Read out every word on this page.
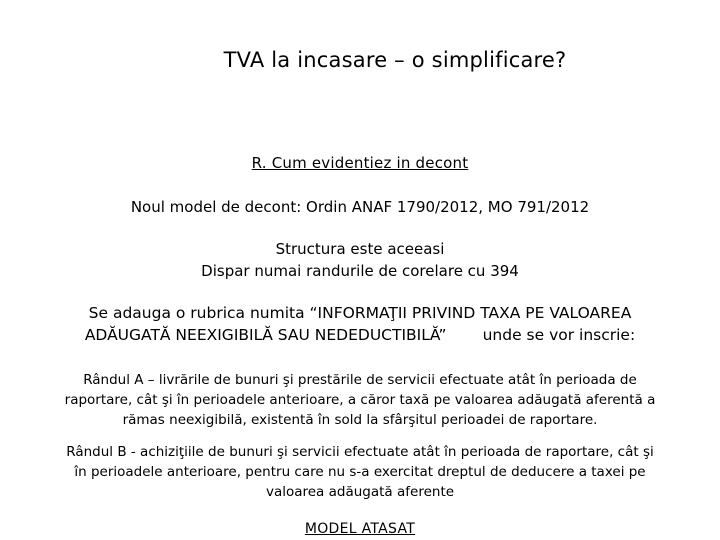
TVA la incasare – o simplificare?
R. Cum evidentiez in decont
Noul model de decont: Ordin ANAF 1790/2012, MO 791/2012
Structura este aceeasi
Dispar numai randurile de corelare cu 394
Se adauga o rubrica numita “INFORMAŢII PRIVIND TAXA PE VALOAREA
ADĂUGATĂ NEEXIGIBILĂ SAU NEDEDUCTIBILĂ” unde se vor inscrie:
Rândul A – livrările de bunuri şi prestările de servicii efectuate atât în perioada de
raportare, cât şi în perioadele anterioare, a căror taxă pe valoarea adăugată aferentă a
rămas neexigibilă, existentă în sold la sfârşitul perioadei de raportare.
Rândul B - achiziţiile de bunuri şi servicii efectuate atât în perioada de raportare, cât şi
în perioadele anterioare, pentru care nu s-a exercitat dreptul de deducere a taxei pe
valoarea adăugată aferente
MODEL ATASAT
